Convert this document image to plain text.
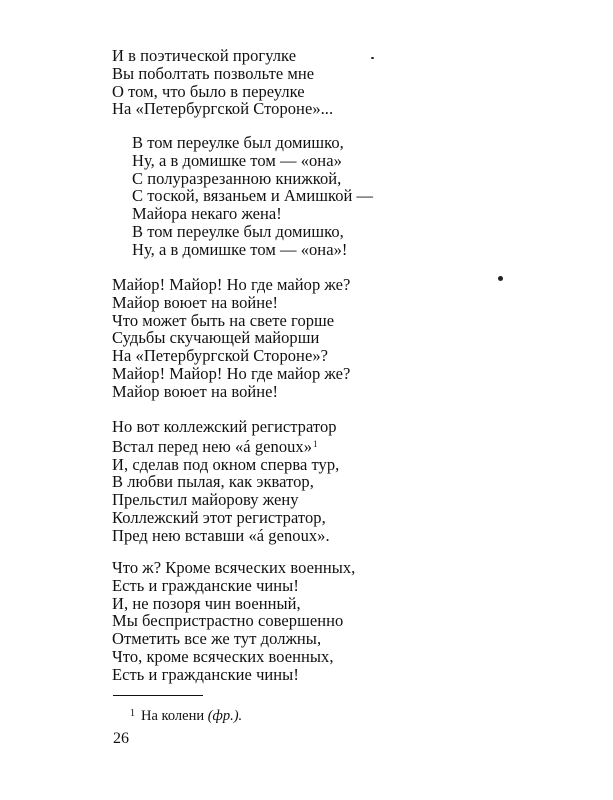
И в поэтической прогулке
Вы поболтать позвольте мне
О том, что было в переулке
На «Петербургской Стороне»...
В том переулке был домишко,
Ну, а в домишке том — «она»
С полуразрезанною книжкой,
С тоской, вязаньем и Амишкой —
Майора некаго жена!
В том переулке был домишко,
Ну, а в домишке том — «она»!
Майор! Майор! Но где майор же?
Майор воюет на войне!
Что может быть на свете горше
Судьбы скучающей майорши
На «Петербургской Стороне»?
Майор! Майор! Но где майор же?
Майор воюет на войне!
Но вот коллежский регистратор
Встал перед нею «á genoux»$^1$
И, сделав под окном сперва тур,
В любви пылая, как экватор,
Прельстил майорову жену
Коллежский этот регистратор,
Пред нею вставши «á genoux».
Что ж? Кроме всяческих военных,
Есть и гражданские чины!
И, не позоря чин военный,
Мы беспристрастно совершенно
Отметить все же тут должны,
Что, кроме всяческих военных,
Есть и гражданские чины!
$^1$ На колени (фр.).
26
